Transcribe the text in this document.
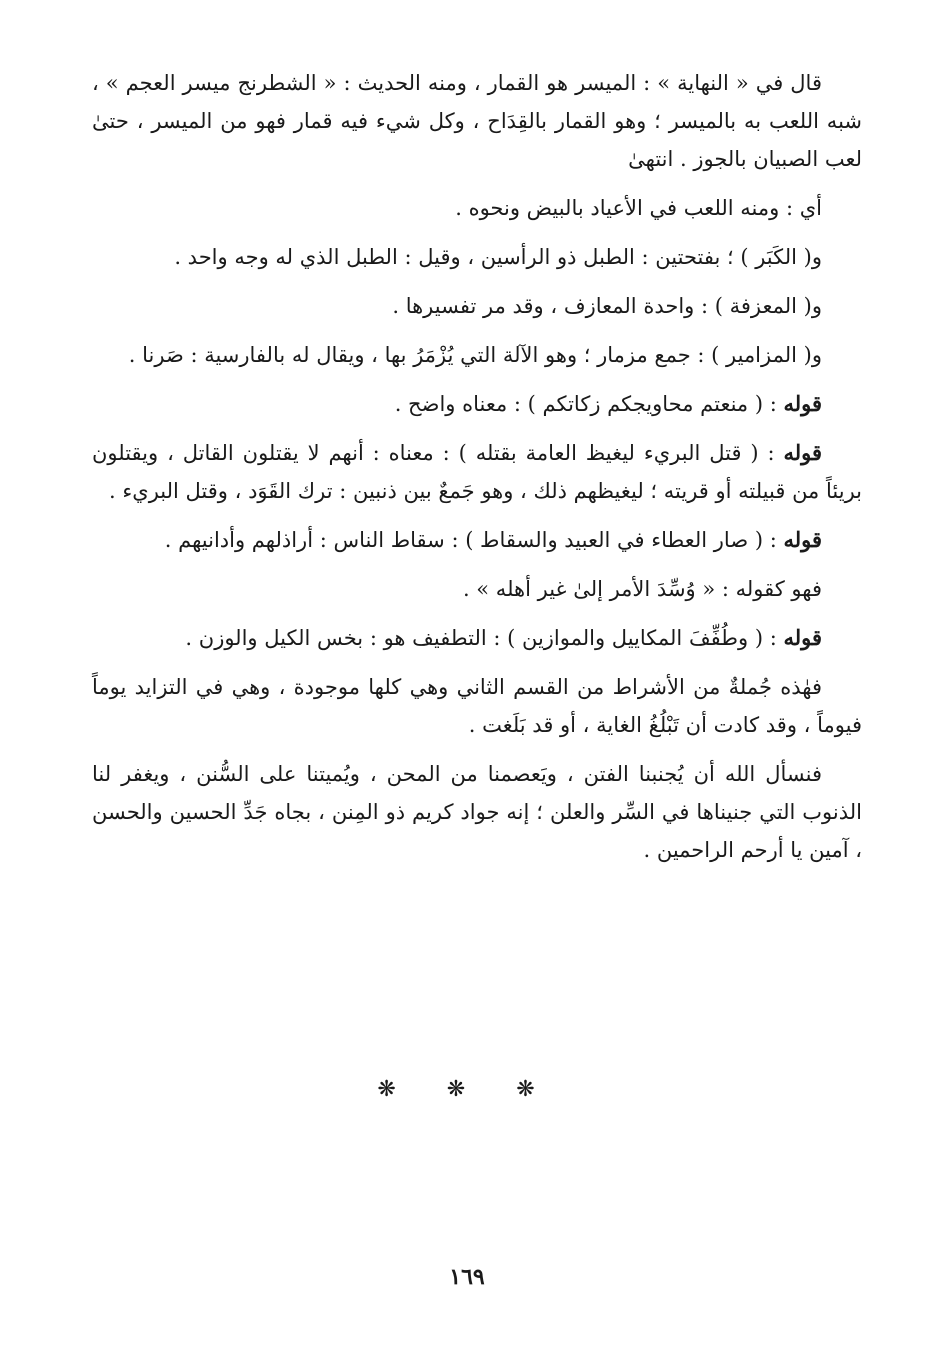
قال في « النهاية » : الميسر هو القمار ، ومنه الحديث : « الشطرنج ميسر العجم » ، شبه اللعب به بالميسر ؛ وهو القمار بالقِدَاح ، وكل شيء فيه قمار فهو من الميسر ، حتىٰ لعب الصبيان بالجوز . انتهىٰ

أي : ومنه اللعب في الأعياد بالبيض ونحوه .

و( الكَبَر ) ؛ بفتحتين : الطبل ذو الرأسين ، وقيل : الطبل الذي له وجه واحد .

و( المعزفة ) : واحدة المعازف ، وقد مر تفسيرها .

و( المزامير ) : جمع مزمار ؛ وهو الآلة التي يُزْمَرُ بها ، ويقال له بالفارسية : صَرنا .

قوله : ( منعتم محاويجكم زكاتكم ) : معناه واضح .

قوله : ( قتل البريء ليغيظ العامة بقتله ) : معناه : أنهم لا يقتلون القاتل ، ويقتلون بريئاً من قبيلته أو قريته ؛ ليغيظهم ذلك ، وهو جَمعٌ بين ذنبين : ترك القَوَد ، وقتل البريء .

قوله : ( صار العطاء في العبيد والسقاط ) : سقاط الناس : أراذلهم وأدانيهم .

فهو كقوله : « وُسِّدَ الأمر إلىٰ غير أهله » .

قوله : ( وطُفِّفَ المكاييل والموازين ) : التطفيف هو : بخس الكيل والوزن .

فهٰذه جُملةٌ من الأشراط من القسم الثاني وهي كلها موجودة ، وهي في التزايد يوماً فيوماً ، وقد كادت أن تَبْلُغُ الغاية ، أو قد بَلَغت .

فنسأل الله أن يُجنبنا الفتن ، ويَعصمنا من المحن ، ويُميتنا على السُّنن ، ويغفر لنا الذنوب التي جنيناها في السِّر والعلن ؛ إنه جواد كريم ذو المِنن ، بجاه جَدِّ الحسين والحسن ، آمين يا أرحم الراحمين .

❋ ❋ ❋
١٦٩
